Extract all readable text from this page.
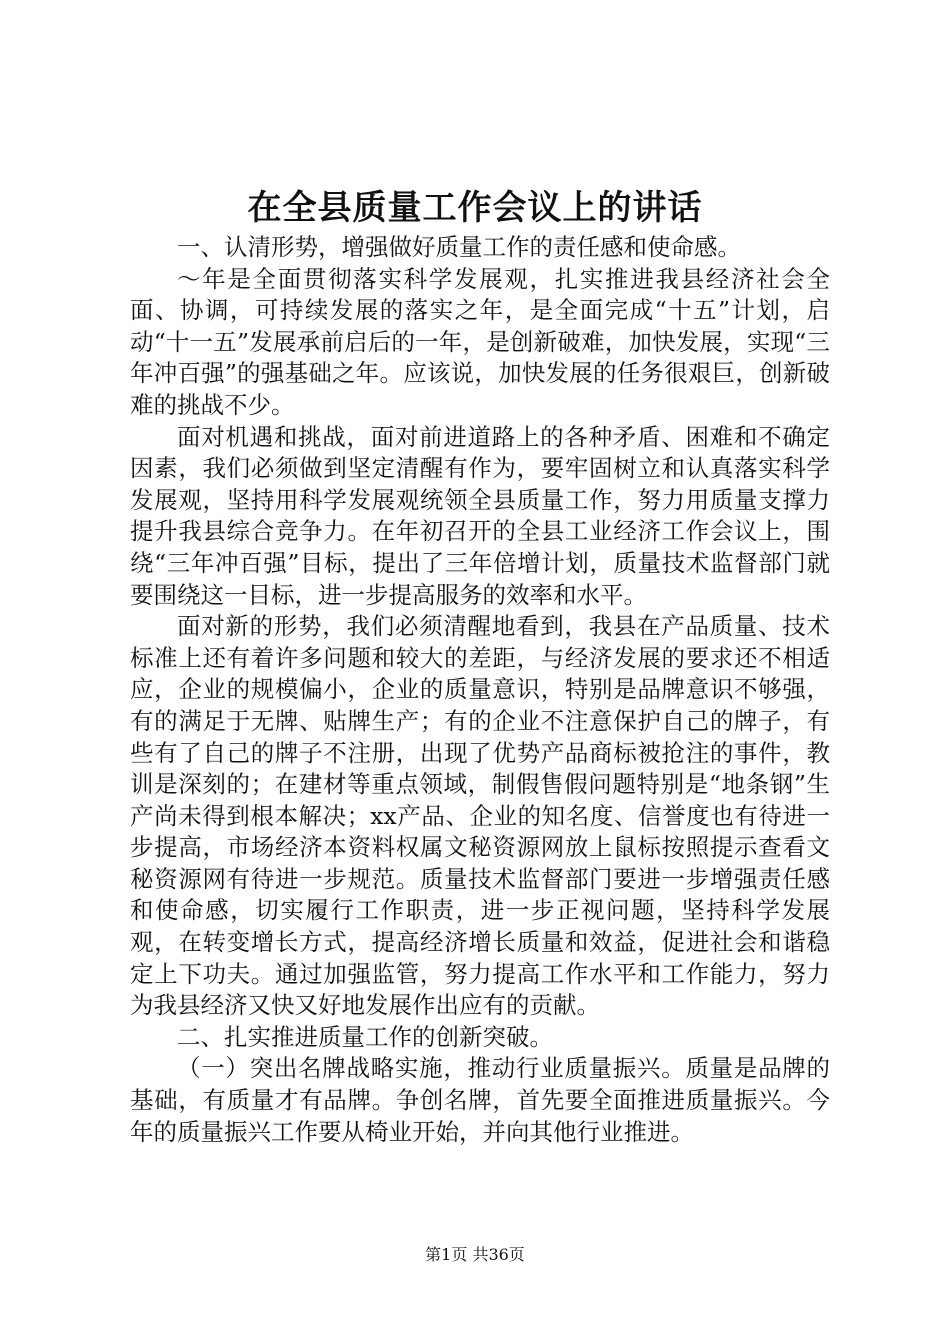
在全县质量工作会议上的讲话

一、认清形势，增强做好质量工作的责任感和使命感。

～年是全面贯彻落实科学发展观，扎实推进我县经济社会全面、协调，可持续发展的落实之年，是全面完成“十五”计划，启动“十一五”发展承前启后的一年，是创新破难，加快发展，实现“三年冲百强”的强基础之年。应该说，加快发展的任务很艰巨，创新破难的挑战不少。

面对机遇和挑战，面对前进道路上的各种矛盾、困难和不确定因素，我们必须做到坚定清醒有作为，要牢固树立和认真落实科学发展观，坚持用科学发展观统领全县质量工作，努力用质量支撑力提升我县综合竞争力。在年初召开的全县工业经济工作会议上，围绕“三年冲百强”目标，提出了三年倍增计划，质量技术监督部门就要围绕这一目标，进一步提高服务的效率和水平。

面对新的形势，我们必须清醒地看到，我县在产品质量、技术标准上还有着许多问题和较大的差距，与经济发展的要求还不相适应，企业的规模偏小，企业的质量意识，特别是品牌意识不够强，有的满足于无牌、贴牌生产；有的企业不注意保护自己的牌子，有些有了自己的牌子不注册，出现了优势产品商标被抢注的事件，教训是深刻的；在建材等重点领域，制假售假问题特别是“地条钢”生产尚未得到根本解决；xx产品、企业的知名度、信誉度也有待进一步提高，市场经济本资料权属文秘资源网放上鼠标按照提示查看文秘资源网有待进一步规范。质量技术监督部门要进一步增强责任感和使命感，切实履行工作职责，进一步正视问题，坚持科学发展观，在转变增长方式，提高经济增长质量和效益，促进社会和谐稳定上下功夫。通过加强监管，努力提高工作水平和工作能力，努力为我县经济又快又好地发展作出应有的贡献。

二、扎实推进质量工作的创新突破。

（一）突出名牌战略实施，推动行业质量振兴。质量是品牌的基础，有质量才有品牌。争创名牌，首先要全面推进质量振兴。今年的质量振兴工作要从椅业开始，并向其他行业推进。

第1页 共36页
